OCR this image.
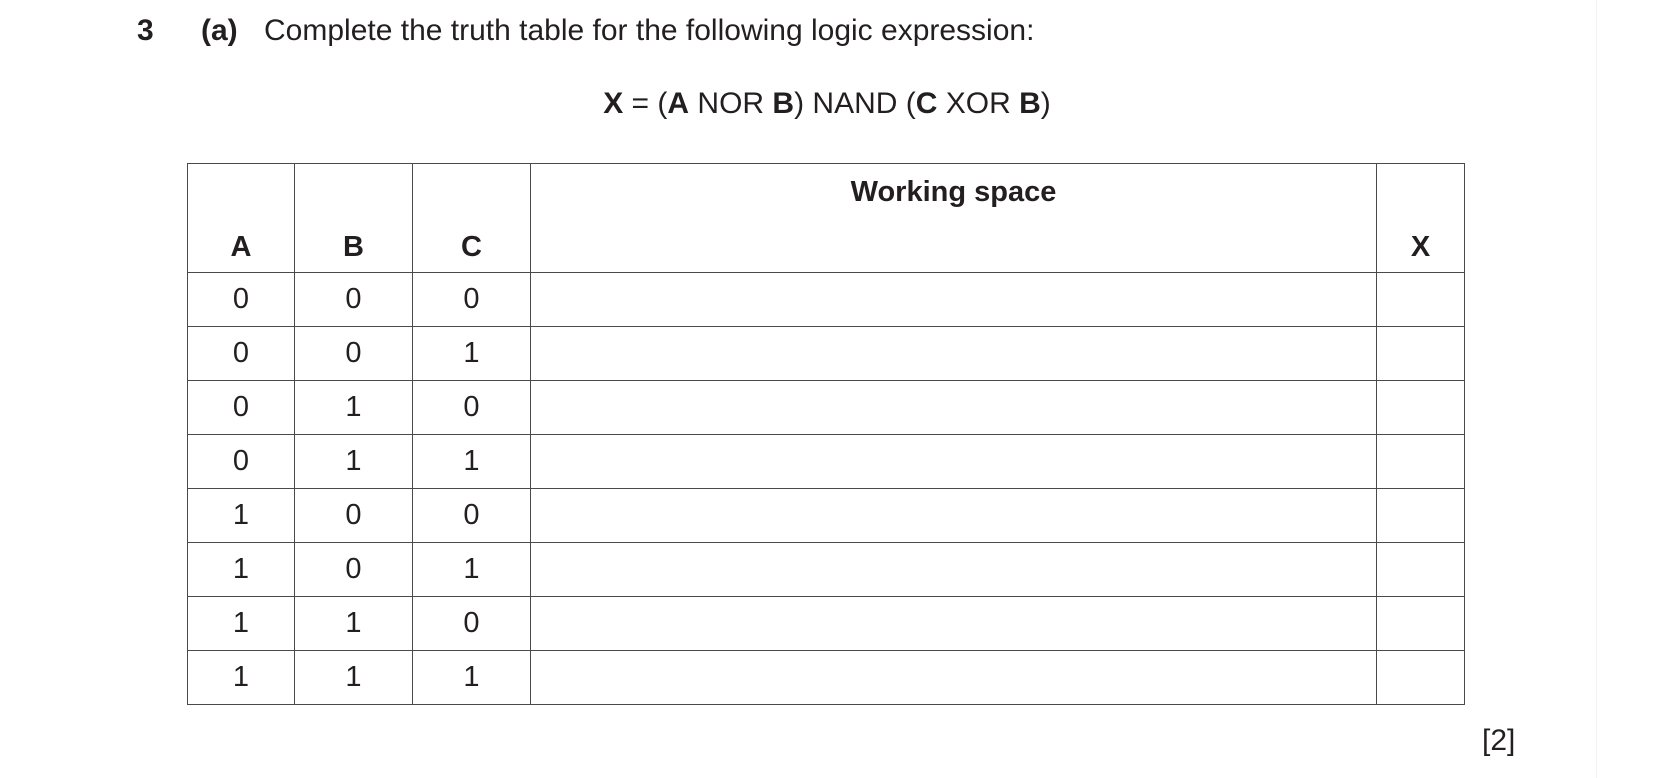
3 (a) Complete the truth table for the following logic expression:
X = (A NOR B) NAND (C XOR B)
A	B	C	Working space	X
0	0	0		
0	0	1		
0	1	0		
0	1	1		
1	0	0		
1	0	1		
1	1	0		
1	1	1		
[2]
